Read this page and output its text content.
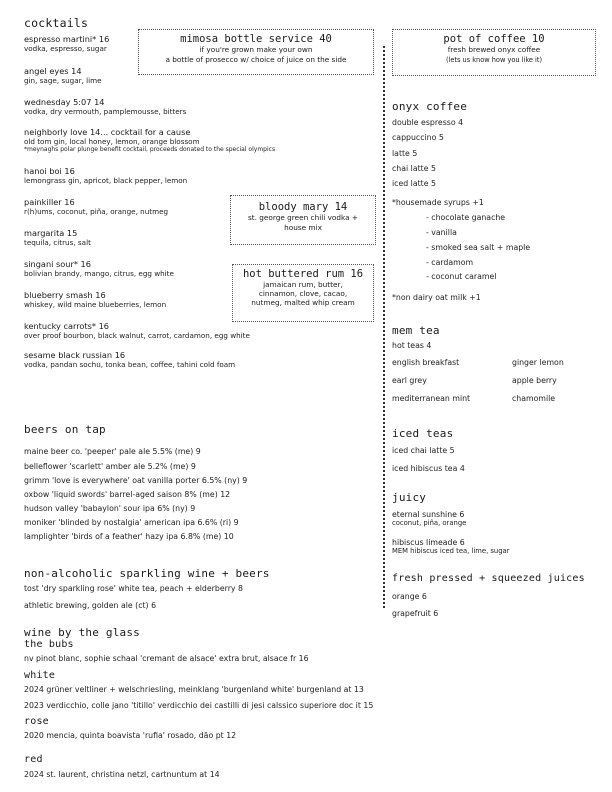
cocktails
espresso martini* 16
vodka, espresso, sugar
angel eyes 14
gin, sage, sugar, lime
wednesday 5:07 14
vodka, dry vermouth, pamplemousse, bitters
neighborly love 14... cocktail for a cause
old tom gin, local honey, lemon, orange blossom
*meynaghs polar plunge benefit cocktail, proceeds donated to the special olympics
hanoi boi 16
lemongrass gin, apricot, black pepper, lemon
painkiller 16
r(h)ums, coconut, piña, orange, nutmeg
margarita 15
tequila, citrus, salt
singani sour* 16
bolivian brandy, mango, citrus, egg white
blueberry smash 16
whiskey, wild maine blueberries, lemon
kentucky carrots* 16
over proof bourbon, black walnut, carrot, cardamon, egg white
sesame black russian 16
vodka, pandan sochu, tonka bean, coffee, tahini cold foam
mimosa bottle service 40
if you're grown make your own
a bottle of prosecco w/ choice of juice on the side
bloody mary 14
st. george green chili vodka +
house mix
hot buttered rum 16
jamaican rum, butter,
cinnamon, clove, cacao,
nutmeg, malted whip cream
beers on tap
maine beer co. 'peeper' pale ale 5.5% (me) 9
belleflower 'scarlett' amber ale 5.2% (me) 9
grimm 'love is everywhere' oat vanilla porter 6.5% (ny) 9
oxbow 'liquid swords' barrel-aged saison 8% (me) 12
hudson valley 'babaylon' sour ipa 6% (ny) 9
moniker 'blinded by nostalgia' american ipa 6.6% (ri) 9
lamplighter 'birds of a feather' hazy ipa 6.8% (me) 10
non-alcoholic sparkling wine + beers
tost 'dry sparkling rose' white tea, peach + elderberry 8
athletic brewing, golden ale (ct) 6
wine by the glass
the bubs
nv pinot blanc, sophie schaal 'cremant de alsace' extra brut, alsace fr 16
white
2024 grüner veltliner + welschriesling, meinklang 'burgenland white' burgenland at 13
2023 verdicchio, colle jano 'titillo' verdicchio dei castilli di jesi calssico superiore doc it 15
rose
2020 mencia, quinta boavista 'rufia' rosado, dão pt 12
red
2024 st. laurent, christina netzl, cartnuntum at 14
pot of coffee 10
fresh brewed onyx coffee
(lets us know how you like it)
onyx coffee
double espresso 4
cappuccino 5
latte 5
chai latte 5
iced latte 5
*housemade syrups +1
- chocolate ganache
- vanilla
- smoked sea salt + maple
- cardamom
- coconut caramel
*non dairy oat milk +1
mem tea
hot teas 4
english breakfast
earl grey
mediterranean mint
ginger lemon
apple berry
chamomile
iced teas
iced chai latte 5
iced hibiscus tea 4
juicy
eternal sunshine 6
coconut, piña, orange
hibiscus limeade 6
MEM hibiscus iced tea, lime, sugar
fresh pressed + squeezed juices
orange 6
grapefruit 6
